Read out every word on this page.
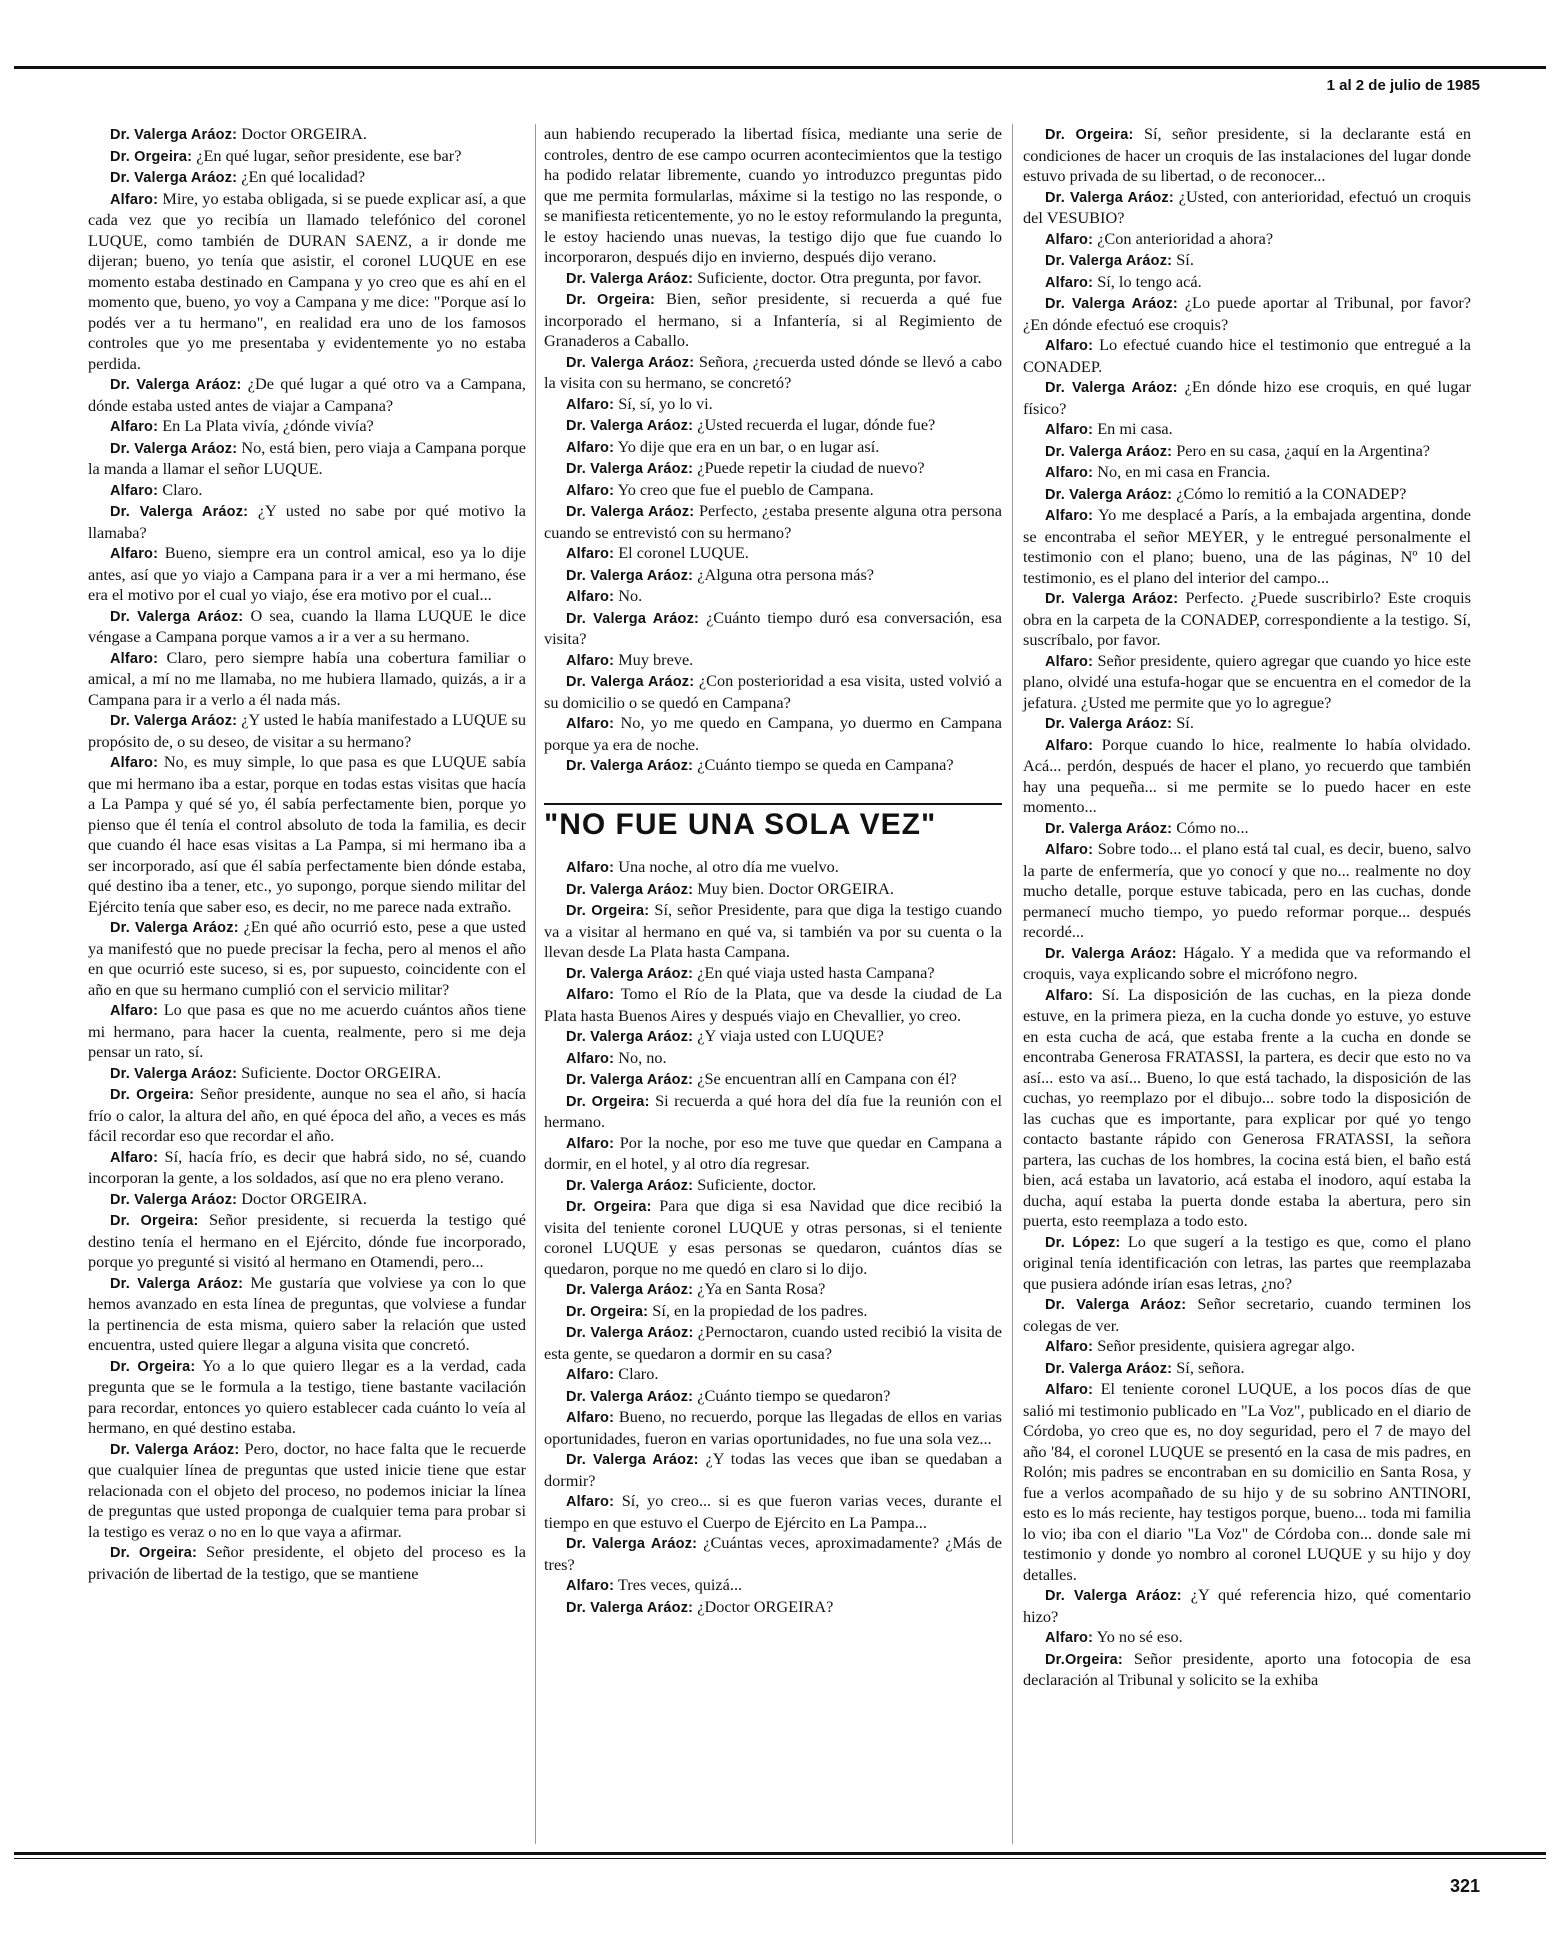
1 al 2 de julio de 1985

Dr. Valerga Aráoz: Doctor ORGEIRA.

Dr. Orgeira: ¿En qué lugar, señor presidente, ese bar?

Dr. Valerga Aráoz: ¿En qué localidad?

Alfaro: Mire, yo estaba obligada, si se puede explicar así, a que cada vez que yo recibía un llamado telefónico del coronel LUQUE, como también de DURAN SAENZ, a ir donde me dijeran; bueno, yo tenía que asistir, el coronel LUQUE en ese momento estaba destinado en Campana y yo creo que es ahí en el momento que, bueno, yo voy a Campana y me dice: "Porque así lo podés ver a tu hermano", en realidad era uno de los famosos controles que yo me presentaba y evidentemente yo no estaba perdida.

Dr. Valerga Aráoz: ¿De qué lugar a qué otro va a Campana, dónde estaba usted antes de viajar a Campana?

Alfaro: En La Plata vivía, ¿dónde vivía?

Dr. Valerga Aráoz: No, está bien, pero viaja a Campana porque la manda a llamar el señor LUQUE.

Alfaro: Claro.

Dr. Valerga Aráoz: ¿Y usted no sabe por qué motivo la llamaba?

Alfaro: Bueno, siempre era un control amical, eso ya lo dije antes, así que yo viajo a Campana para ir a ver a mi hermano, ése era el motivo por el cual yo viajo, ése era motivo por el cual...

Dr. Valerga Aráoz: O sea, cuando la llama LUQUE le dice véngase a Campana porque vamos a ir a ver a su hermano.

Alfaro: Claro, pero siempre había una cobertura familiar o amical, a mí no me llamaba, no me hubiera llamado, quizás, a ir a Campana para ir a verlo a él nada más.

Dr. Valerga Aráoz: ¿Y usted le había manifestado a LUQUE su propósito de, o su deseo, de visitar a su hermano?

Alfaro: No, es muy simple, lo que pasa es que LUQUE sabía que mi hermano iba a estar, porque en todas estas visitas que hacía a La Pampa y qué sé yo, él sabía perfectamente bien, porque yo pienso que él tenía el control absoluto de toda la familia, es decir que cuando él hace esas visitas a La Pampa, si mi hermano iba a ser incorporado, así que él sabía perfectamente bien dónde estaba, qué destino iba a tener, etc., yo supongo, porque siendo militar del Ejército tenía que saber eso, es decir, no me parece nada extraño.

Dr. Valerga Aráoz: ¿En qué año ocurrió esto, pese a que usted ya manifestó que no puede precisar la fecha, pero al menos el año en que ocurrió este suceso, si es, por supuesto, coincidente con el año en que su hermano cumplió con el servicio militar?

Alfaro: Lo que pasa es que no me acuerdo cuántos años tiene mi hermano, para hacer la cuenta, realmente, pero si me deja pensar un rato, sí.

Dr. Valerga Aráoz: Suficiente. Doctor ORGEIRA.

Dr. Orgeira: Señor presidente, aunque no sea el año, si hacía frío o calor, la altura del año, en qué época del año, a veces es más fácil recordar eso que recordar el año.

Alfaro: Sí, hacía frío, es decir que habrá sido, no sé, cuando incorporan la gente, a los soldados, así que no era pleno verano.

Dr. Valerga Aráoz: Doctor ORGEIRA.

Dr. Orgeira: Señor presidente, si recuerda la testigo qué destino tenía el hermano en el Ejército, dónde fue incorporado, porque yo pregunté si visitó al hermano en Otamendi, pero...

Dr. Valerga Aráoz: Me gustaría que volviese ya con lo que hemos avanzado en esta línea de preguntas, que volviese a fundar la pertinencia de esta misma, quiero saber la relación que usted encuentra, usted quiere llegar a alguna visita que concretó.

Dr. Orgeira: Yo a lo que quiero llegar es a la verdad, cada pregunta que se le formula a la testigo, tiene bastante vacilación para recordar, entonces yo quiero establecer cada cuánto lo veía al hermano, en qué destino estaba.

Dr. Valerga Aráoz: Pero, doctor, no hace falta que le recuerde que cualquier línea de preguntas que usted inicie tiene que estar relacionada con el objeto del proceso, no podemos iniciar la línea de preguntas que usted proponga de cualquier tema para probar si la testigo es veraz o no en lo que vaya a afirmar.

Dr. Orgeira: Señor presidente, el objeto del proceso es la privación de libertad de la testigo, que se mantiene

aun habiendo recuperado la libertad física, mediante una serie de controles, dentro de ese campo ocurren acontecimientos que la testigo ha podido relatar libremente, cuando yo introduzco preguntas pido que me permita formularlas, máxime si la testigo no las responde, o se manifiesta reticentemente, yo no le estoy reformulando la pregunta, le estoy haciendo unas nuevas, la testigo dijo que fue cuando lo incorporaron, después dijo en invierno, después dijo verano.

Dr. Valerga Aráoz: Suficiente, doctor. Otra pregunta, por favor.

Dr. Orgeira: Bien, señor presidente, si recuerda a qué fue incorporado el hermano, si a Infantería, si al Regimiento de Granaderos a Caballo.

Dr. Valerga Aráoz: Señora, ¿recuerda usted dónde se llevó a cabo la visita con su hermano, se concretó?

Alfaro: Sí, sí, yo lo vi.

Dr. Valerga Aráoz: ¿Usted recuerda el lugar, dónde fue?

Alfaro: Yo dije que era en un bar, o en lugar así.

Dr. Valerga Aráoz: ¿Puede repetir la ciudad de nuevo?

Alfaro: Yo creo que fue el pueblo de Campana.

Dr. Valerga Aráoz: Perfecto, ¿estaba presente alguna otra persona cuando se entrevistó con su hermano?

Alfaro: El coronel LUQUE.

Dr. Valerga Aráoz: ¿Alguna otra persona más?

Alfaro: No.

Dr. Valerga Aráoz: ¿Cuánto tiempo duró esa conversación, esa visita?

Alfaro: Muy breve.

Dr. Valerga Aráoz: ¿Con posterioridad a esa visita, usted volvió a su domicilio o se quedó en Campana?

Alfaro: No, yo me quedo en Campana, yo duermo en Campana porque ya era de noche.

Dr. Valerga Aráoz: ¿Cuánto tiempo se queda en Campana?

"NO FUE UNA SOLA VEZ"

Alfaro: Una noche, al otro día me vuelvo.

Dr. Valerga Aráoz: Muy bien. Doctor ORGEIRA.

Dr. Orgeira: Sí, señor Presidente, para que diga la testigo cuando va a visitar al hermano en qué va, si también va por su cuenta o la llevan desde La Plata hasta Campana.

Dr. Valerga Aráoz: ¿En qué viaja usted hasta Campana?

Alfaro: Tomo el Río de la Plata, que va desde la ciudad de La Plata hasta Buenos Aires y después viajo en Chevallier, yo creo.

Dr. Valerga Aráoz: ¿Y viaja usted con LUQUE?

Alfaro: No, no.

Dr. Valerga Aráoz: ¿Se encuentran allí en Campana con él?

Dr. Orgeira: Si recuerda a qué hora del día fue la reunión con el hermano.

Alfaro: Por la noche, por eso me tuve que quedar en Campana a dormir, en el hotel, y al otro día regresar.

Dr. Valerga Aráoz: Suficiente, doctor.

Dr. Orgeira: Para que diga si esa Navidad que dice recibió la visita del teniente coronel LUQUE y otras personas, si el teniente coronel LUQUE y esas personas se quedaron, cuántos días se quedaron, porque no me quedó en claro si lo dijo.

Dr. Valerga Aráoz: ¿Ya en Santa Rosa?

Dr. Orgeira: Sí, en la propiedad de los padres.

Dr. Valerga Aráoz: ¿Pernoctaron, cuando usted recibió la visita de esta gente, se quedaron a dormir en su casa?

Alfaro: Claro.

Dr. Valerga Aráoz: ¿Cuánto tiempo se quedaron?

Alfaro: Bueno, no recuerdo, porque las llegadas de ellos en varias oportunidades, fueron en varias oportunidades, no fue una sola vez...

Dr. Valerga Aráoz: ¿Y todas las veces que iban se quedaban a dormir?

Alfaro: Sí, yo creo... si es que fueron varias veces, durante el tiempo en que estuvo el Cuerpo de Ejército en La Pampa...

Dr. Valerga Aráoz: ¿Cuántas veces, aproximadamente? ¿Más de tres?

Alfaro: Tres veces, quizá...

Dr. Valerga Aráoz: ¿Doctor ORGEIRA?

Dr. Orgeira: Sí, señor presidente, si la declarante está en condiciones de hacer un croquis de las instalaciones del lugar donde estuvo privada de su libertad, o de reconocer...

Dr. Valerga Aráoz: ¿Usted, con anterioridad, efectuó un croquis del VESUBIO?

Alfaro: ¿Con anterioridad a ahora?

Dr. Valerga Aráoz: Sí.

Alfaro: Sí, lo tengo acá.

Dr. Valerga Aráoz: ¿Lo puede aportar al Tribunal, por favor? ¿En dónde efectuó ese croquis?

Alfaro: Lo efectué cuando hice el testimonio que entregué a la CONADEP.

Dr. Valerga Aráoz: ¿En dónde hizo ese croquis, en qué lugar físico?

Alfaro: En mi casa.

Dr. Valerga Aráoz: Pero en su casa, ¿aquí en la Argentina?

Alfaro: No, en mi casa en Francia.

Dr. Valerga Aráoz: ¿Cómo lo remitió a la CONADEP?

Alfaro: Yo me desplacé a París, a la embajada argentina, donde se encontraba el señor MEYER, y le entregué personalmente el testimonio con el plano; bueno, una de las páginas, Nº 10 del testimonio, es el plano del interior del campo...

Dr. Valerga Aráoz: Perfecto. ¿Puede suscribirlo? Este croquis obra en la carpeta de la CONADEP, correspondiente a la testigo. Sí, suscríbalo, por favor.

Alfaro: Señor presidente, quiero agregar que cuando yo hice este plano, olvidé una estufa-hogar que se encuentra en el comedor de la jefatura. ¿Usted me permite que yo lo agregue?

Dr. Valerga Aráoz: Sí.

Alfaro: Porque cuando lo hice, realmente lo había olvidado. Acá... perdón, después de hacer el plano, yo recuerdo que también hay una pequeña... si me permite se lo puedo hacer en este momento...

Dr. Valerga Aráoz: Cómo no...

Alfaro: Sobre todo... el plano está tal cual, es decir, bueno, salvo la parte de enfermería, que yo conocí y que no... realmente no doy mucho detalle, porque estuve tabicada, pero en las cuchas, donde permanecí mucho tiempo, yo puedo reformar porque... después recordé...

Dr. Valerga Aráoz: Hágalo. Y a medida que va reformando el croquis, vaya explicando sobre el micrófono negro.

Alfaro: Sí. La disposición de las cuchas, en la pieza donde estuve, en la primera pieza, en la cucha donde yo estuve, yo estuve en esta cucha de acá, que estaba frente a la cucha en donde se encontraba Generosa FRATASSI, la partera, es decir que esto no va así... esto va así... Bueno, lo que está tachado, la disposición de las cuchas, yo reemplazo por el dibujo... sobre todo la disposición de las cuchas que es importante, para explicar por qué yo tengo contacto bastante rápido con Generosa FRATASSI, la señora partera, las cuchas de los hombres, la cocina está bien, el baño está bien, acá estaba un lavatorio, acá estaba el inodoro, aquí estaba la ducha, aquí estaba la puerta donde estaba la abertura, pero sin puerta, esto reemplaza a todo esto.

Dr. López: Lo que sugerí a la testigo es que, como el plano original tenía identificación con letras, las partes que reemplazaba que pusiera adónde irían esas letras, ¿no?

Dr. Valerga Aráoz: Señor secretario, cuando terminen los colegas de ver.

Alfaro: Señor presidente, quisiera agregar algo.

Dr. Valerga Aráoz: Sí, señora.

Alfaro: El teniente coronel LUQUE, a los pocos días de que salió mi testimonio publicado en "La Voz", publicado en el diario de Córdoba, yo creo que es, no doy seguridad, pero el 7 de mayo del año '84, el coronel LUQUE se presentó en la casa de mis padres, en Rolón; mis padres se encontraban en su domicilio en Santa Rosa, y fue a verlos acompañado de su hijo y de su sobrino ANTINORI, esto es lo más reciente, hay testigos porque, bueno... toda mi familia lo vio; iba con el diario "La Voz" de Córdoba con... donde sale mi testimonio y donde yo nombro al coronel LUQUE y su hijo y doy detalles.

Dr. Valerga Aráoz: ¿Y qué referencia hizo, qué comentario hizo?

Alfaro: Yo no sé eso.

Dr.Orgeira: Señor presidente, aporto una fotocopia de esa declaración al Tribunal y solicito se la exhiba

321
